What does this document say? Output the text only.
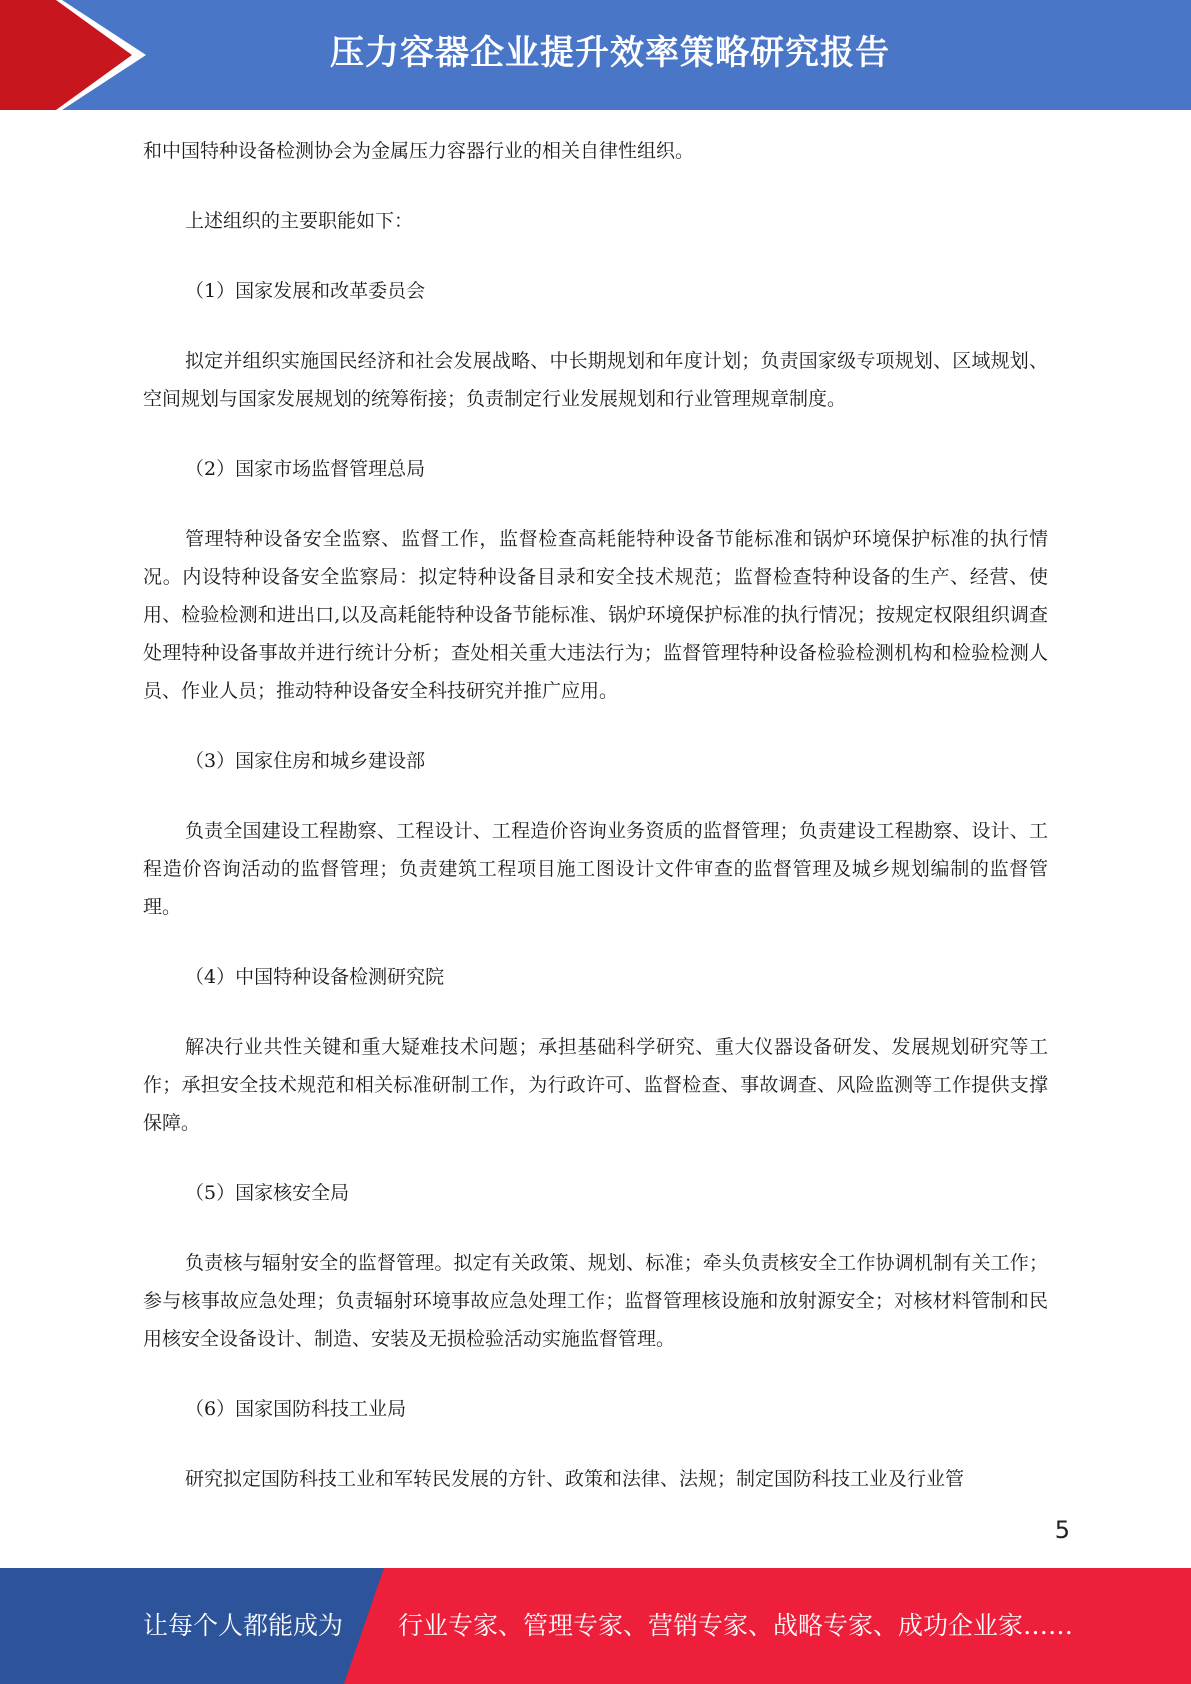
压力容器企业提升效率策略研究报告

和中国特种设备检测协会为金属压力容器行业的相关自律性组织。

上述组织的主要职能如下：

（1）国家发展和改革委员会

拟定并组织实施国民经济和社会发展战略、中长期规划和年度计划；负责国家级专项规划、区域规划、空间规划与国家发展规划的统筹衔接；负责制定行业发展规划和行业管理规章制度。

（2）国家市场监督管理总局

管理特种设备安全监察、监督工作，监督检查高耗能特种设备节能标准和锅炉环境保护标准的执行情况。内设特种设备安全监察局：拟定特种设备目录和安全技术规范；监督检查特种设备的生产、经营、使用、检验检测和进出口,以及高耗能特种设备节能标准、锅炉环境保护标准的执行情况；按规定权限组织调查处理特种设备事故并进行统计分析；查处相关重大违法行为；监督管理特种设备检验检测机构和检验检测人员、作业人员；推动特种设备安全科技研究并推广应用。

（3）国家住房和城乡建设部

负责全国建设工程勘察、工程设计、工程造价咨询业务资质的监督管理；负责建设工程勘察、设计、工程造价咨询活动的监督管理；负责建筑工程项目施工图设计文件审查的监督管理及城乡规划编制的监督管理。

（4）中国特种设备检测研究院

解决行业共性关键和重大疑难技术问题；承担基础科学研究、重大仪器设备研发、发展规划研究等工作；承担安全技术规范和相关标准研制工作，为行政许可、监督检查、事故调查、风险监测等工作提供支撑保障。

（5）国家核安全局

负责核与辐射安全的监督管理。拟定有关政策、规划、标准；牵头负责核安全工作协调机制有关工作；参与核事故应急处理；负责辐射环境事故应急处理工作；监督管理核设施和放射源安全；对核材料管制和民用核安全设备设计、制造、安装及无损检验活动实施监督管理。

（6）国家国防科技工业局

研究拟定国防科技工业和军转民发展的方针、政策和法律、法规；制定国防科技工业及行业管

5
让每个人都能成为 行业专家、管理专家、营销专家、战略专家、成功企业家……
